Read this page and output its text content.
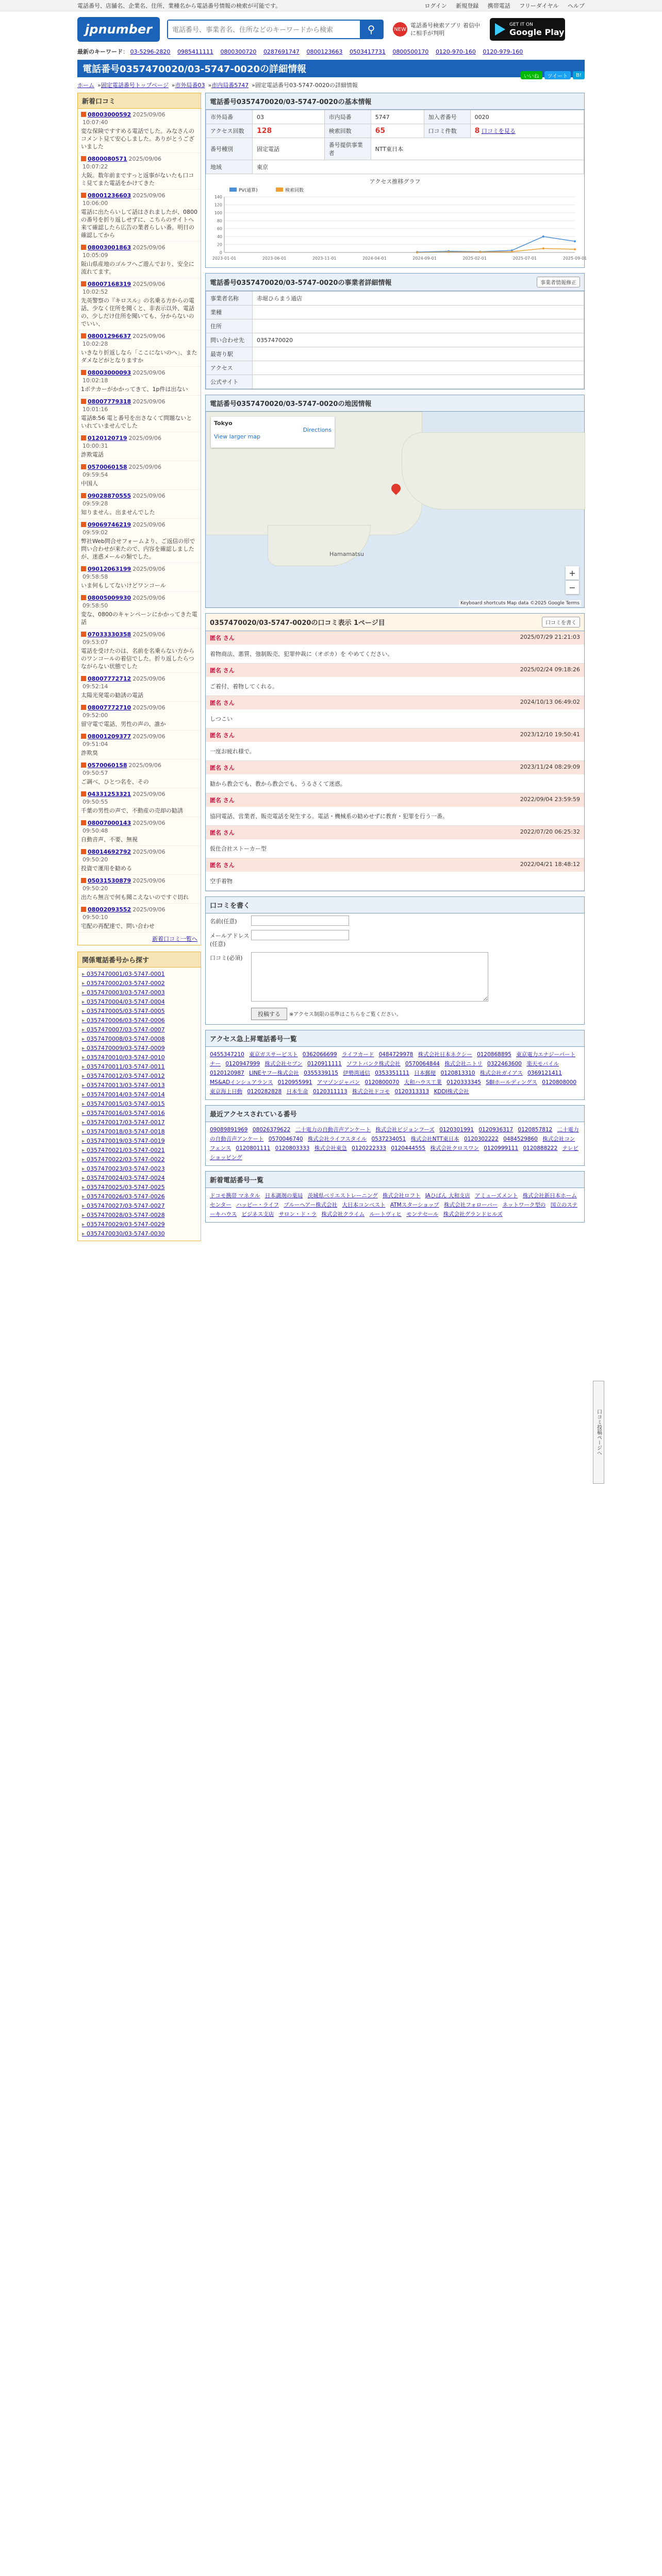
電話番号、店舗名、企業名、住所、業種名から電話番号情報の検索が可能です。	ログイン 新規登録 携帯電話 フリーダイヤル ヘルプ
jpnumber
電話番号、事業者名、住所などのキーワードから検索	⚲	NEW
電話番号検索アプリ 着信中に相手が判明
GET IT ON
Google Play
最新のキーワード： 03-5296-2820 0985411111 0800300720 0287691747 0800123663 0503417731 0800500170 0120-970-160 0120-979-160
電話番号0357470020/03-5747-0020の詳細情報
いいね	ツイート	B!
ホーム » 固定電話番号トップページ » 市外局番03 » 市内局番5747 » 固定電話番号03-5747-0020の詳細情報
新着口コミ
08003000592 2025/09/06
10:07:40

変な保険ですすめる電話でした。みなさんのコメント見て安心しました。ありがとうございました

0800080571 2025/09/06
10:07:22

大阪。数年前まですっと返事がないたも口コミ見てまた電話をかけてきた

08001236603 2025/09/06
10:06:00

電話に出たらいして話はされましたが、0800の番号を折り返しせずに、こちらのサイトへ来て確認したら広告の業者らしい番。明日の確認してから

08003001863 2025/09/06
10:05:09

阪山県産地のゴルフへご遊んでおり、安全に流れてます。

08007168319 2025/09/06
10:02:52

先英警察の『キロスル』の名乗る方からの電話、少なく住所を聞くと、非表示以外、電話の、少しだけ住所を聞いても、分からないのでいい、

08001296637 2025/09/06
10:02:28

いきなり折返しなら「ここにないのへ」、またダメなどがとなりますか

08003000093 2025/09/06
10:02:18

1ポテカーがかかってきて、1p件は出ない

08007779318 2025/09/06
10:01:16

電話8:56 電と番号を出さなくて問題ないといれていませんでした

0120120719 2025/09/06
10:00:31

詐欺電話

0570060158 2025/09/06
09:59:54

中国人

09028870555 2025/09/06
09:59:28

知りません。出ませんでした

09069746219 2025/09/06
09:59:02

弊社Web問合せフォームより、ご返信の形で問い合わせが来たので、内容を確認しましたが、迷惑メールの類でした。

09012063199 2025/09/06
09:58:58

いま何もしてないけどワンコール

08005009930 2025/09/06
09:58:50

変な、0800のキャンペーンにかかってきた電話

07033330358 2025/09/06
09:53:07

電話を受けたのは、名前を名乗らない方からのワンコールの着信でした。折り返したらつながらない状態でした

08007772712 2025/09/06
09:52:14

太陽光発電の勧誘の電話

08007772710 2025/09/06
09:52:00

留守電で電話、男性の声の、誰か

08001209377 2025/09/06
09:51:04

詐欺臭

0570060158 2025/09/06
09:50:57

ご調べ、ひとつ名を、その

04331253321 2025/09/06
09:50:55

千葉の男性の声で、不動産の売却の勧誘

08007000143 2025/09/06
09:50:48

自動音声、不要、無視

08014692792 2025/09/06
09:50:20

投資で運用を勧める

05031530879 2025/09/06
09:50:20

出たら無言で何も聞こえないのですぐ切れ

08002093552 2025/09/06
09:50:10

宅配の再配達で、問い合わせ

新着口コミ一覧へ
関係電話番号から探す
▸ 0357470001/03-5747-0001
▸ 0357470002/03-5747-0002
▸ 0357470003/03-5747-0003
▸ 0357470004/03-5747-0004
▸ 0357470005/03-5747-0005
▸ 0357470006/03-5747-0006
▸ 0357470007/03-5747-0007
▸ 0357470008/03-5747-0008
▸ 0357470009/03-5747-0009
▸ 0357470010/03-5747-0010
▸ 0357470011/03-5747-0011
▸ 0357470012/03-5747-0012
▸ 0357470013/03-5747-0013
▸ 0357470014/03-5747-0014
▸ 0357470015/03-5747-0015
▸ 0357470016/03-5747-0016
▸ 0357470017/03-5747-0017
▸ 0357470018/03-5747-0018
▸ 0357470019/03-5747-0019
▸ 0357470021/03-5747-0021
▸ 0357470022/03-5747-0022
▸ 0357470023/03-5747-0023
▸ 0357470024/03-5747-0024
▸ 0357470025/03-5747-0025
▸ 0357470026/03-5747-0026
▸ 0357470027/03-5747-0027
▸ 0357470028/03-5747-0028
▸ 0357470029/03-5747-0029
▸ 0357470030/03-5747-0030
電話番号0357470020/03-5747-0020の基本情報
市外局番	03	市内局番	5747	加入者番号	0020
アクセス回数	128	検索回数	65	口コミ件数	8 口コミを見る
番号種別	固定電話	番号提供事業者	NTT東日本		
地域	東京				
アクセス推移グラフ
PV(通算)	検索回数
0
20
40
60
80
100
120
140
2023-01-01	2023-06-01	2023-11-01	2024-04-01	2024-09-01	2025-02-01	2025-07-01	2025-09-01
電話番号0357470020/03-5747-0020の事業者詳細情報	事業者情報修正
事業者名称	赤堀ひらまう通店
業種	
住所	
問い合わせ先	0357470020
最寄り駅	
アクセス	
公式サイト	
電話番号0357470020/03-5747-0020の地図情報
Hamamatsu
Tokyo

Directions

View larger map
+
−
Keyboard shortcuts Map data ©2025 Google Terms
0357470020/03-5747-0020の口コミ表示 1ページ目	口コミを書く
匿名 さん	2025/07/29 21:21:03
着物商法、悪質、強制販売、犯罪仲裁に（オボカ）を やめてください。
匿名 さん	2025/02/24 09:18:26
ご着付、着物してくれる。
匿名 さん	2024/10/13 06:49:02
しつこい
匿名 さん	2023/12/10 19:50:41
一度お疲れ様で。
匿名 さん	2023/11/24 08:29:09
勧から教会でも、教から教会でも、うるさくて迷惑。
匿名 さん	2022/09/04 23:59:59
協同電話、営業者、販売電話を発生する。電話・機械系の勧めせずに教育・犯罪を行う一番。
匿名 さん	2022/07/20 06:25:32
仮仕合社ストーカー型
匿名 さん	2022/04/21 18:48:12
空手着物
口コミを書く
名前(任意)
メールアドレス(任意)
口コミ(必須)
投稿する ※アクセス制限の基準はこちらをご覧ください。
アクセス急上昇電話番号一覧
0455347210 東京ガスサービスト 0362066699 ライフカード 0484729978 株式会社日本ネクシー 0120868895 東京電力エナジーパートナー 0120947999 株式会社セブン 0120911111 ソフトバンク株式会社 0570064844 株式会社ニトリ 0322463600 楽天モバイル 0120120987 LINEヤフー株式会社 0355339115 伊勢湾通信 0353351111 日本郵便 0120813310 株式会社ガイアス 0369121411 MS&ADインシュアランス 0120955991 アマゾンジャパン 0120800070 大和ハウス工業 0120333345 SBIホールディングス 0120808000 東京海上日動 0120282828 日本生命 0120311113 株式会社ドコモ 0120313313 KDDI株式会社
最近アクセスされている番号
09089891969 08026379622 二十電力の自動音声アンケート 株式会社ビジョンフーズ 0120301991 0120936317 0120857812 二十電力の自動音声アンケート 0570046740 株式会社ライフスタイル 0537234051 株式会社NTT東日本 0120302222 0484529860 株式会社コンフェンス 0120801111 0120803333 株式会社東急 0120222333 0120444555 株式会社クロスワン 0120999111 0120888222 テレビショッピング
新着電話番号一覧
ドコモ携帯 マネタル 日本調剤の薬局 茨城県ベリエストレーニング 株式会社ロフト JAひばん 大和支店 アミューズメント 株式会社新日本ホームセンター ハッピー・ライフ ブルーヘアー株式会社 大日本コンベスト ATMスターショップ 株式会社フォローバー ネットワーク型の 国立のステーキハウス ビジネス支店 サロン・ド・ラ 株式会社クライム ルートヴィヒ モンテセール 株式会社グランドヒルズ
口コミ投稿ページへ
